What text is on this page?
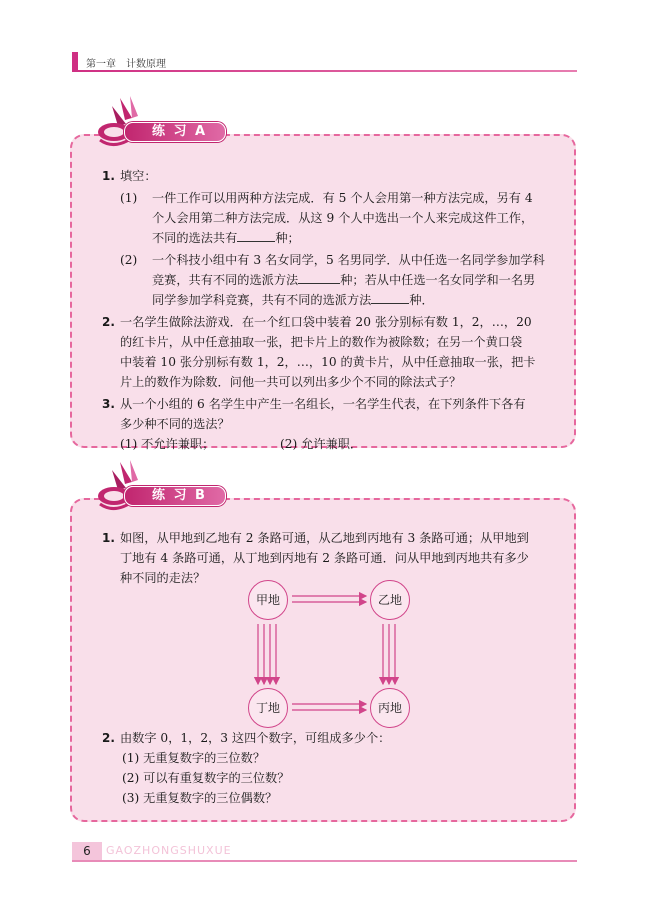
第一章　计数原理
1. 填空：
(1) 一件工作可以用两种方法完成．有 5 个人会用第一种方法完成，另有 4
个人会用第二种方法完成．从这 9 个人中选出一个人来完成这件工作，
不同的选法共有	种；
(2) 一个科技小组中有 3 名女同学，5 名男同学．从中任选一名同学参加学科
竞赛，共有不同的选派方法	种；若从中任选一名女同学和一名男
同学参加学科竞赛，共有不同的选派方法	种．
2. 一名学生做除法游戏．在一个红口袋中装着 20 张分别标有数 1，2，…，20
的红卡片，从中任意抽取一张，把卡片上的数作为被除数；在另一个黄口袋
中装着 10 张分别标有数 1，2，…，10 的黄卡片，从中任意抽取一张，把卡
片上的数作为除数．问他一共可以列出多少个不同的除法式子？
3. 从一个小组的 6 名学生中产生一名组长，一名学生代表，在下列条件下各有
多少种不同的选法？
(1) 不允许兼职；	(2) 允许兼职．
练 习 A
1. 如图，从甲地到乙地有 2 条路可通，从乙地到丙地有 3 条路可通；从甲地到
丁地有 4 条路可通，从丁地到丙地有 2 条路可通．问从甲地到丙地共有多少
种不同的走法？
2. 由数字 0，1，2，3 这四个数字，可组成多少个：
(1) 无重复数字的三位数？
(2) 可以有重复数字的三位数？
(3) 无重复数字的三位偶数？
甲地	乙地
丁地	丙地
练 习 B
6	GAOZHONGSHUXUE
